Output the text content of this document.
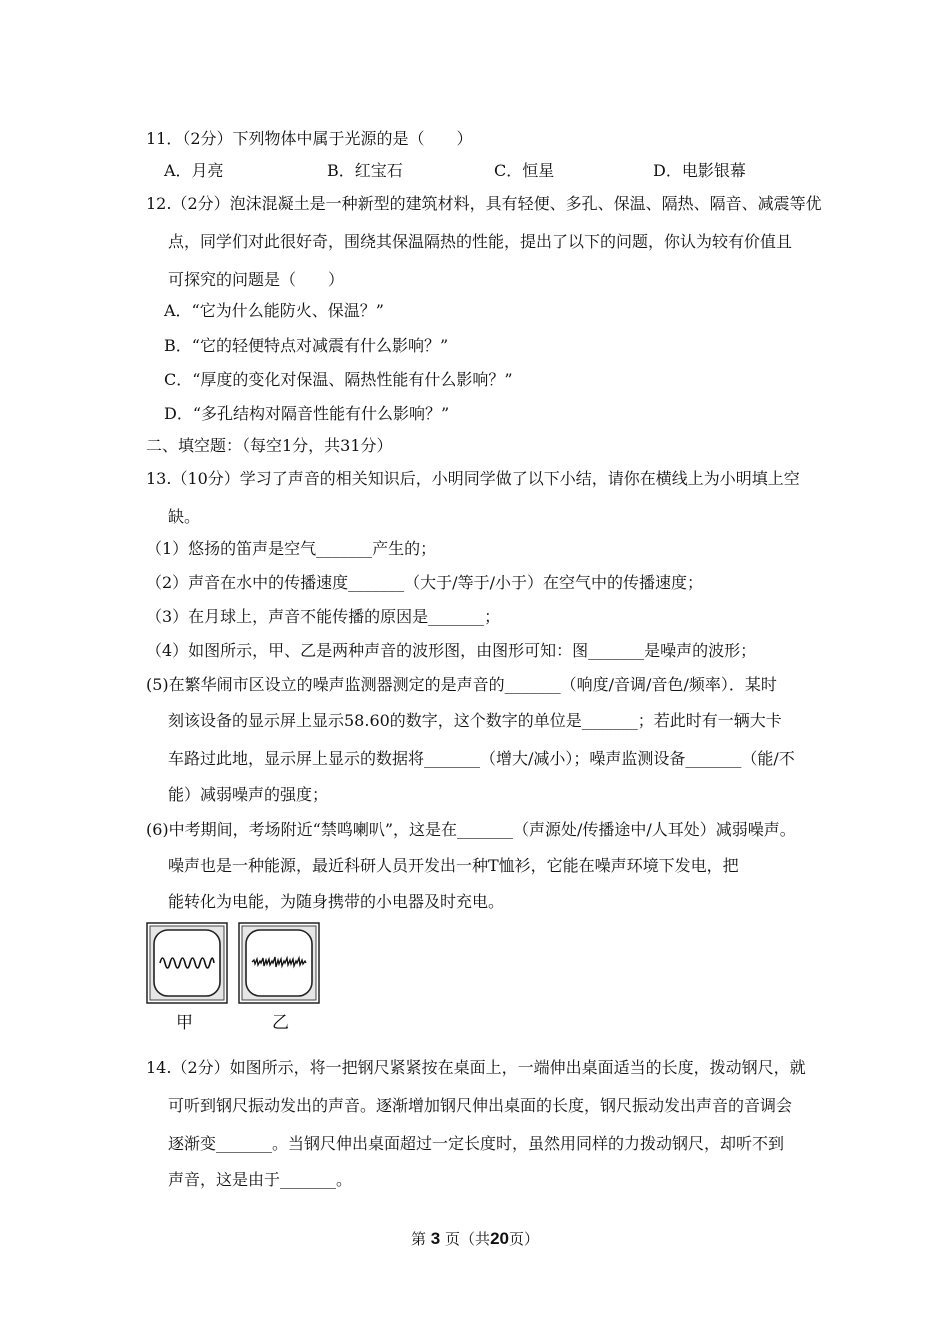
11．（2分）下列物体中属于光源的是（　　）
A．月亮	B．红宝石	C．恒星	D．电影银幕
12.（2分）泡沫混凝土是一种新型的建筑材料，具有轻便、多孔、保温、隔热、隔音、减震等优
点，同学们对此很好奇，围绕其保温隔热的性能，提出了以下的问题，你认为较有价值且
可探究的问题是（　　）
A．“它为什么能防火、保温？”
B．“它的轻便特点对减震有什么影响？”
C．“厚度的变化对保温、隔热性能有什么影响？”
D．“多孔结构对隔音性能有什么影响？”
二、填空题：（每空1分，共31分）
13.（10分）学习了声音的相关知识后，小明同学做了以下小结，请你在横线上为小明填上空
缺。
（1）悠扬的笛声是空气_______产生的；
（2）声音在水中的传播速度_______（大于/等于/小于）在空气中的传播速度；
（3）在月球上，声音不能传播的原因是_______；
（4）如图所示，甲、乙是两种声音的波形图，由图形可知：图_______是噪声的波形；
(5)在繁华闹市区设立的噪声监测器测定的是声音的_______（响度/音调/音色/频率）．某时
刻该设备的显示屏上显示58.60的数字，这个数字的单位是_______；若此时有一辆大卡
车路过此地，显示屏上显示的数据将_______（增大/减小）；噪声监测设备_______（能/不
能）减弱噪声的强度；
(6)中考期间，考场附近“禁鸣喇叭”，这是在_______（声源处/传播途中/人耳处）减弱噪声。
噪声也是一种能源，最近科研人员开发出一种T恤衫，它能在噪声环境下发电，把
能转化为电能，为随身携带的小电器及时充电。
甲	乙
14.（2分）如图所示，将一把钢尺紧紧按在桌面上，一端伸出桌面适当的长度，拨动钢尺，就
可听到钢尺振动发出的声音。逐渐增加钢尺伸出桌面的长度，钢尺振动发出声音的音调会
逐渐变_______。当钢尺伸出桌面超过一定长度时，虽然用同样的力拨动钢尺，却听不到
声音，这是由于_______。
第 3 页（共20页）
